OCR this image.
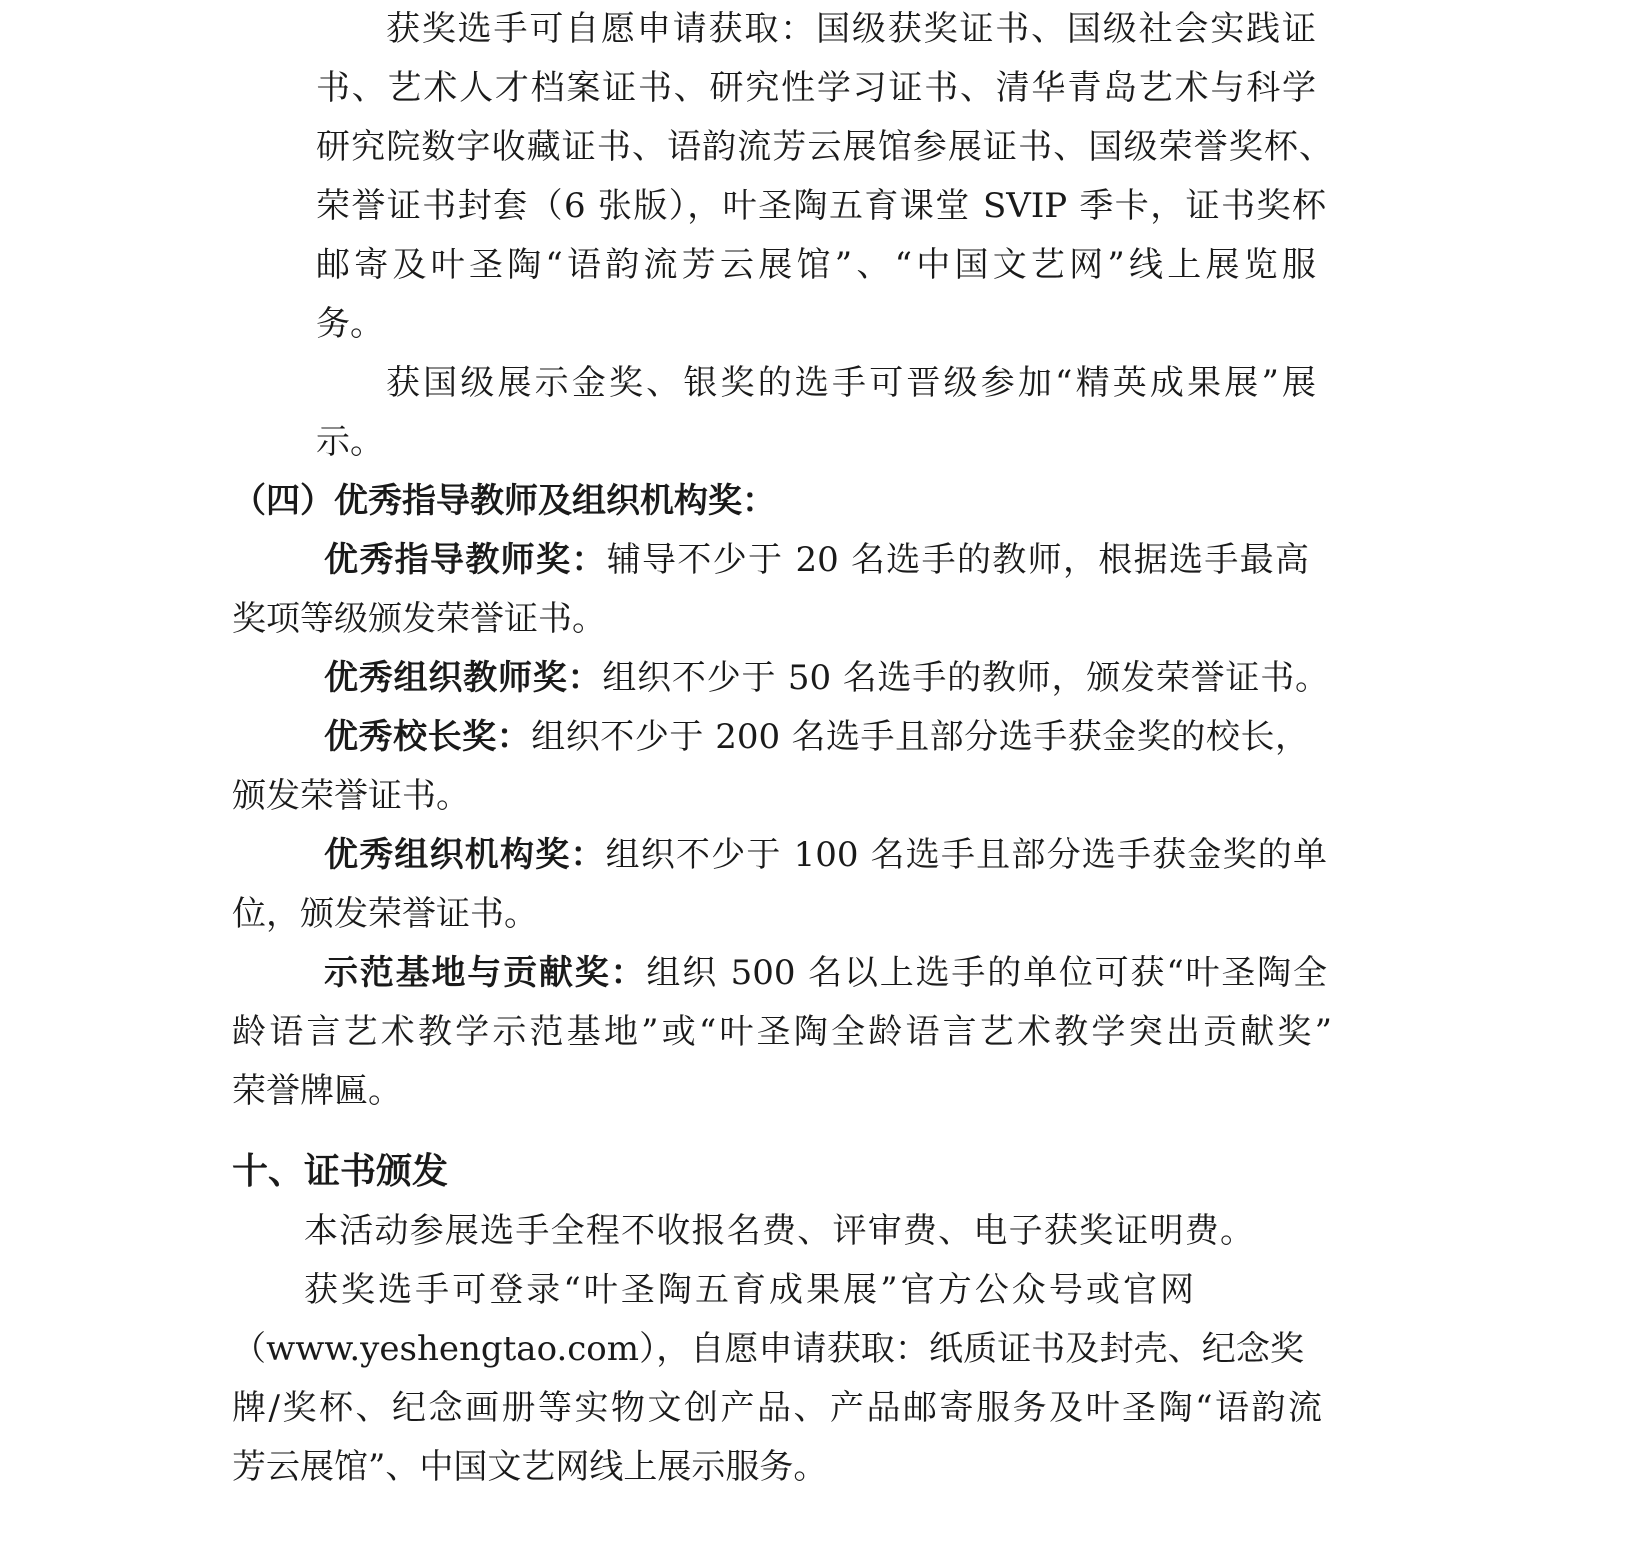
获奖选手可自愿申请获取：国级获奖证书、国级社会实践证

书、艺术人才档案证书、研究性学习证书、清华青岛艺术与科学

研究院数字收藏证书、语韵流芳云展馆参展证书、国级荣誉奖杯、

荣誉证书封套（6 张版），叶圣陶五育课堂 SVIP 季卡，证书奖杯

邮寄及叶圣陶“语韵流芳云展馆”、“中国文艺网”线上展览服

务。

获国级展示金奖、银奖的选手可晋级参加“精英成果展”展

示。

（四）优秀指导教师及组织机构奖：

优秀指导教师奖：辅导不少于 20 名选手的教师，根据选手最高

奖项等级颁发荣誉证书。

优秀组织教师奖：组织不少于 50 名选手的教师，颁发荣誉证书。

优秀校长奖：组织不少于 200 名选手且部分选手获金奖的校长，

颁发荣誉证书。

优秀组织机构奖：组织不少于 100 名选手且部分选手获金奖的单

位，颁发荣誉证书。

示范基地与贡献奖：组织 500 名以上选手的单位可获“叶圣陶全

龄语言艺术教学示范基地”或“叶圣陶全龄语言艺术教学突出贡献奖”

荣誉牌匾。

十、证书颁发

本活动参展选手全程不收报名费、评审费、电子获奖证明费。

获奖选手可登录“叶圣陶五育成果展”官方公众号或官网

（www.yeshengtao.com），自愿申请获取：纸质证书及封壳、纪念奖

牌/奖杯、纪念画册等实物文创产品、产品邮寄服务及叶圣陶“语韵流

芳云展馆”、中国文艺网线上展示服务。
